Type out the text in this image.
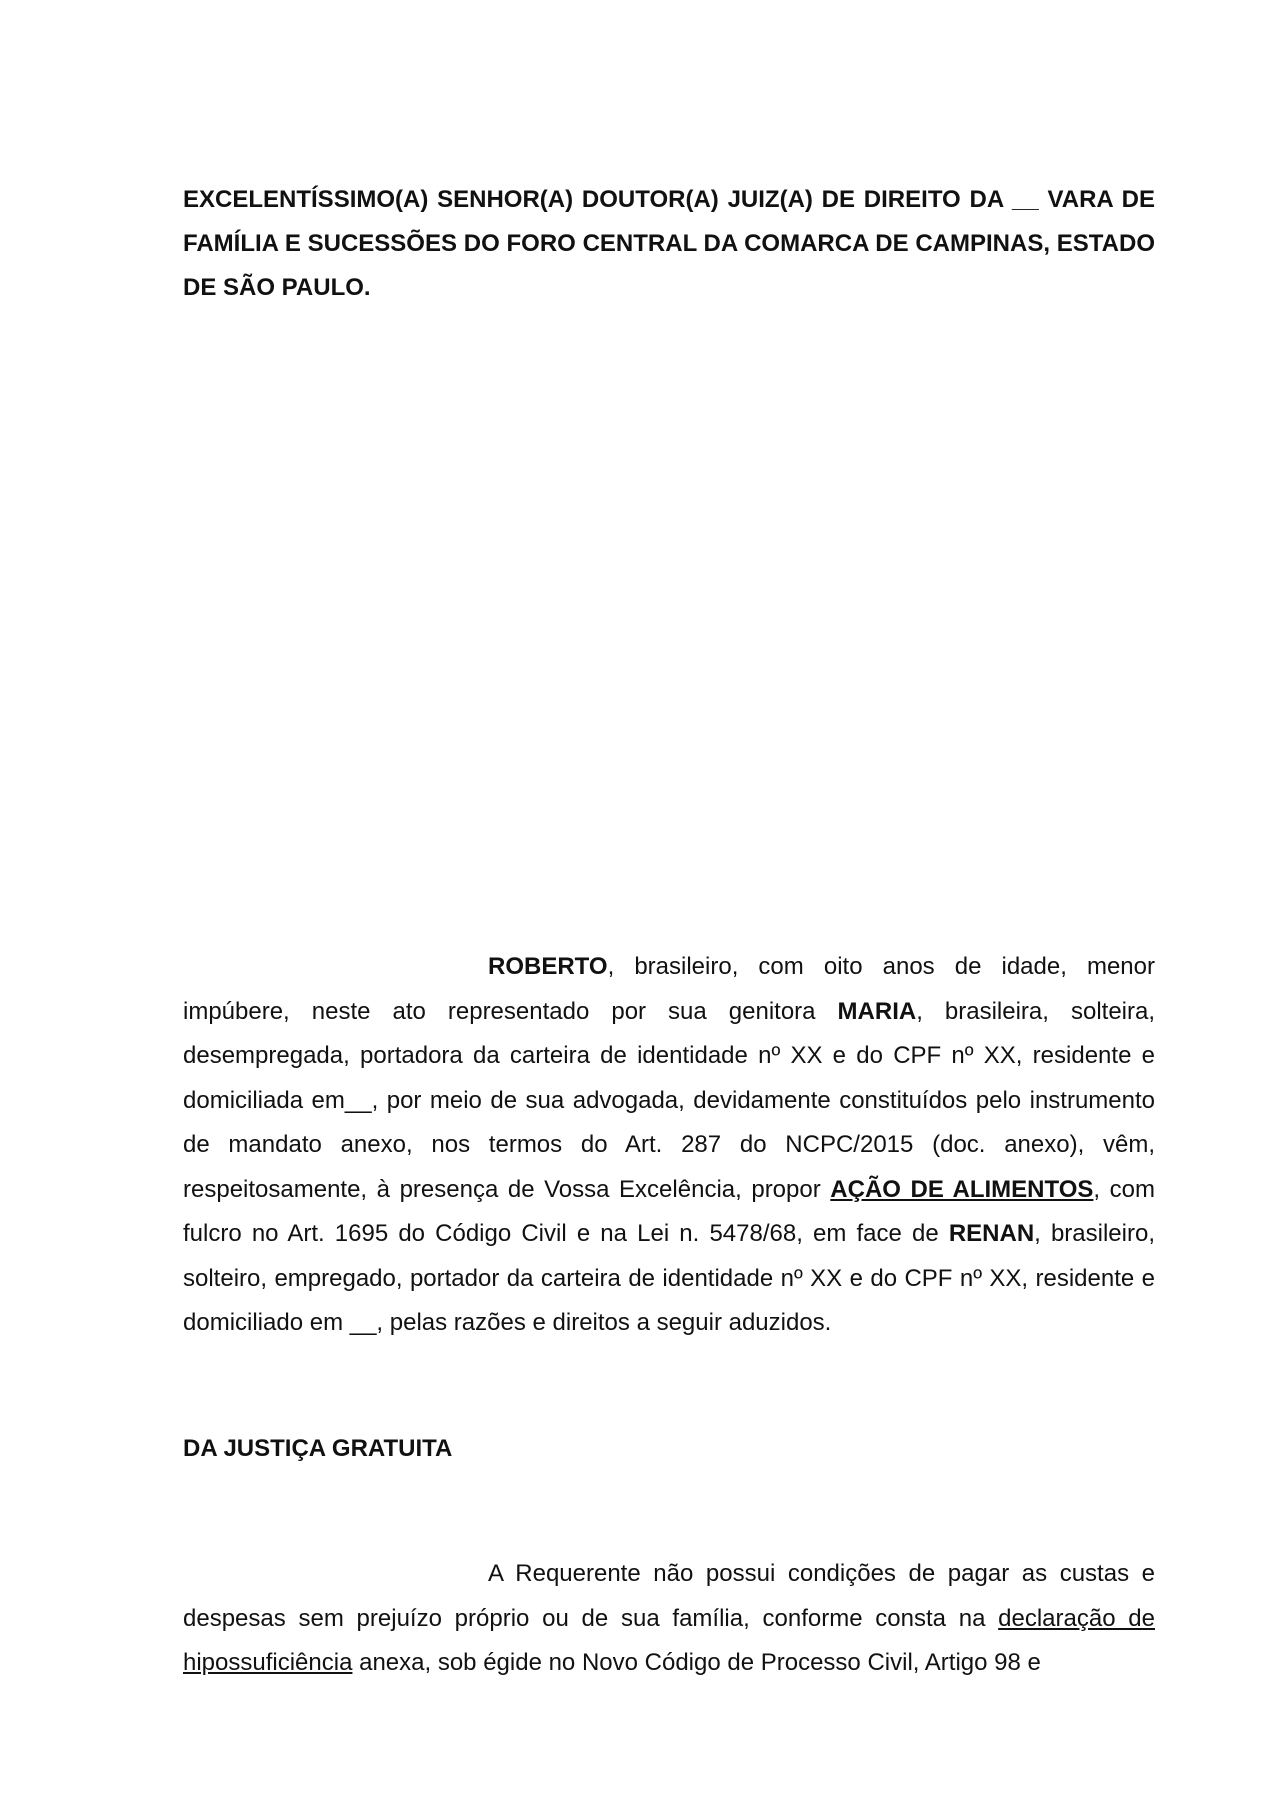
EXCELENTÍSSIMO(A) SENHOR(A) DOUTOR(A) JUIZ(A) DE DIREITO DA __ VARA DE FAMÍLIA E SUCESSÕES DO FORO CENTRAL DA COMARCA DE CAMPINAS, ESTADO DE SÃO PAULO.

ROBERTO, brasileiro, com oito anos de idade, menor impúbere, neste ato representado por sua genitora MARIA, brasileira, solteira, desempregada, portadora da carteira de identidade nº XX e do CPF nº XX, residente e domiciliada em__, por meio de sua advogada, devidamente constituídos pelo instrumento de mandato anexo, nos termos do Art. 287 do NCPC/2015 (doc. anexo), vêm, respeitosamente, à presença de Vossa Excelência, propor AÇÃO DE ALIMENTOS, com fulcro no Art. 1695 do Código Civil e na Lei n. 5478/68, em face de RENAN, brasileiro, solteiro, empregado, portador da carteira de identidade nº XX e do CPF nº XX, residente e domiciliado em __, pelas razões e direitos a seguir aduzidos.

DA JUSTIÇA GRATUITA

A Requerente não possui condições de pagar as custas e despesas sem prejuízo próprio ou de sua família, conforme consta na declaração de hipossuficiência anexa, sob égide no Novo Código de Processo Civil, Artigo 98 e
